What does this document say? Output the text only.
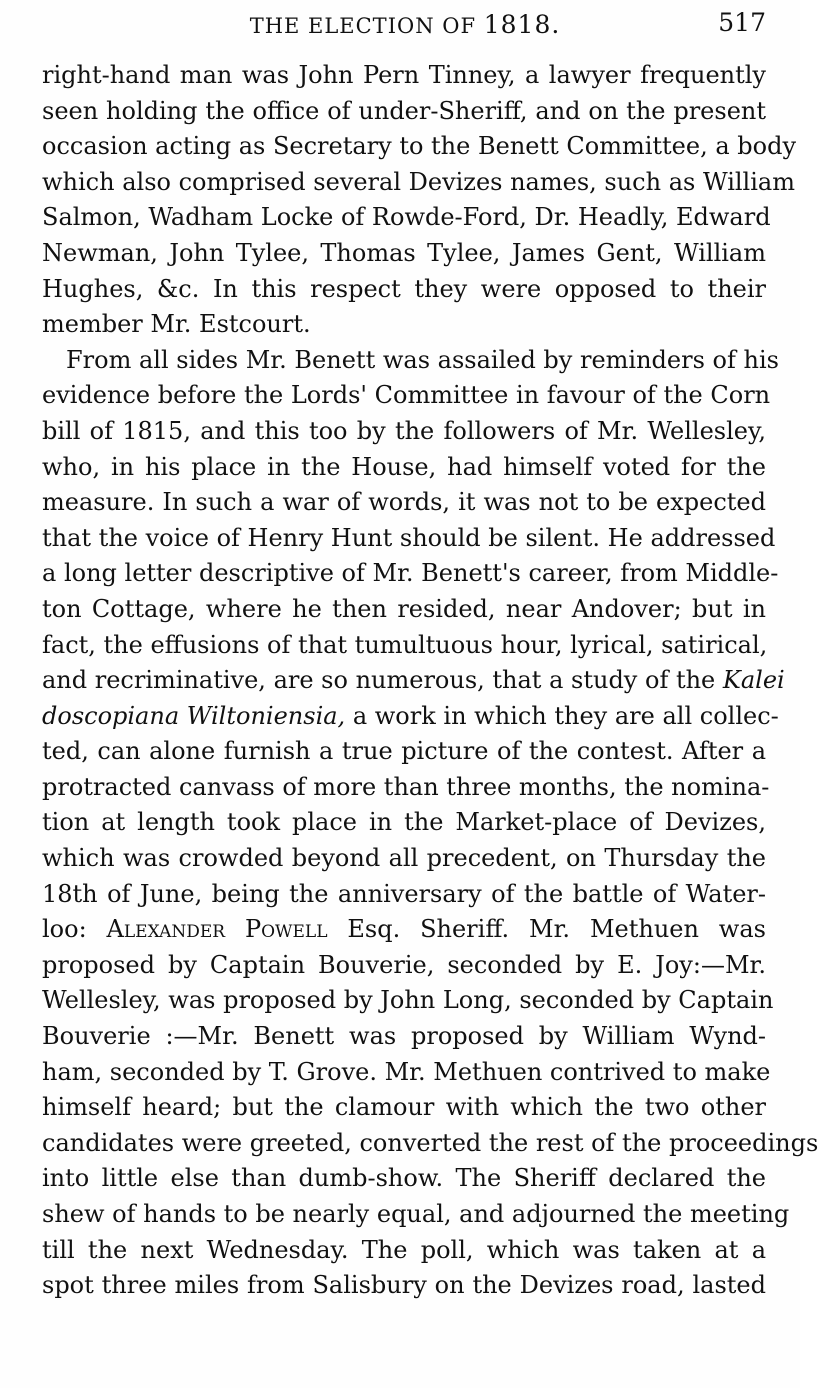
THE ELECTION OF 1818.	517
right-hand man was John Pern Tinney, a lawyer frequently
seen holding the office of under-Sheriff, and on the present
occasion acting as Secretary to the Benett Committee, a body
which also comprised several Devizes names, such as William
Salmon, Wadham Locke of Rowde-Ford, Dr. Headly, Edward
Newman, John Tylee, Thomas Tylee, James Gent, William
Hughes, &c. In this respect they were opposed to their
member Mr. Estcourt.
From all sides Mr. Benett was assailed by reminders of his
evidence before the Lords' Committee in favour of the Corn
bill of 1815, and this too by the followers of Mr. Wellesley,
who, in his place in the House, had himself voted for the
measure. In such a war of words, it was not to be expected
that the voice of Henry Hunt should be silent. He addressed
a long letter descriptive of Mr. Benett's career, from Middle-
ton Cottage, where he then resided, near Andover; but in
fact, the effusions of that tumultuous hour, lyrical, satirical,
and recriminative, are so numerous, that a study of the Kalei
doscopiana Wiltoniensia, a work in which they are all collec-
ted, can alone furnish a true picture of the contest. After a
protracted canvass of more than three months, the nomina-
tion at length took place in the Market-place of Devizes,
which was crowded beyond all precedent, on Thursday the
18th of June, being the anniversary of the battle of Water-
loo: Alexander Powell Esq. Sheriff. Mr. Methuen was
proposed by Captain Bouverie, seconded by E. Joy:—Mr.
Wellesley, was proposed by John Long, seconded by Captain
Bouverie :—Mr. Benett was proposed by William Wynd-
ham, seconded by T. Grove. Mr. Methuen contrived to make
himself heard; but the clamour with which the two other
candidates were greeted, converted the rest of the proceedings
into little else than dumb-show. The Sheriff declared the
shew of hands to be nearly equal, and adjourned the meeting
till the next Wednesday. The poll, which was taken at a
spot three miles from Salisbury on the Devizes road, lasted
